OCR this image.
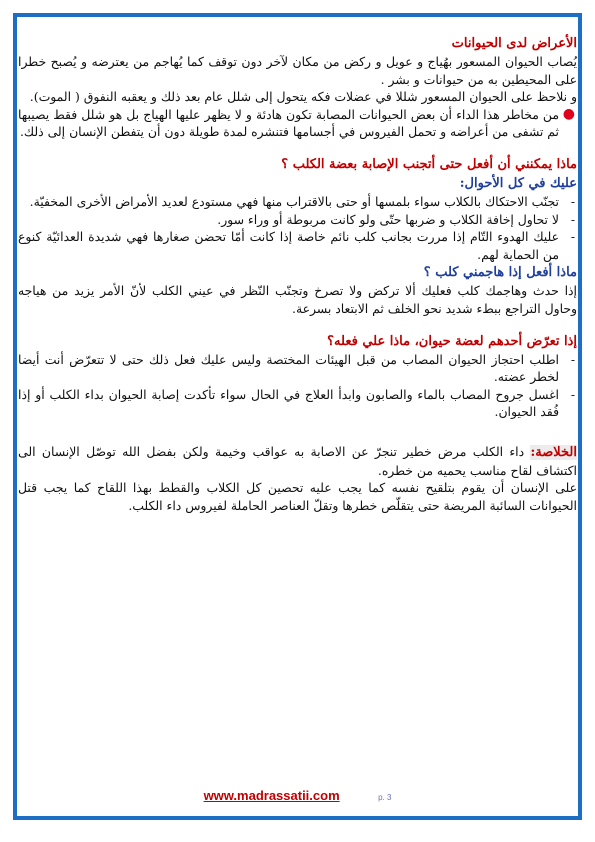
الأعراض لدى الحيوانات

يُصاب الحيوان المسعور بهُياج و عويل و ركض من مكان لآخر دون توقف كما يُهاجم من يعترضه و يُصبح خطرا على المحيطين به من حيوانات و بشر .

و نلاحظ على الحيوان المسعور شللا في عضلات فكه يتحول إلى شلل عام بعد ذلك و يعقبه النفوق ( الموت).

●
من مخاطر هذا الداء أن بعض الحيوانات المصابة تكون هادئة و لا يظهر عليها الهياج بل هو شلل فقط يصيبها ثم تشفى من أعراضه و تحمل الفيروس في أجسامها فتنشره لمدة طويلة دون أن يتفطن الإنسان إلى ذلك.
ماذا يمكنني أن أفعل حتى أتجنب الإصابة بعضة الكلب ؟
عليك في كل الأحوال:
-
تجنّب الاحتكاك بالكلاب سواء بلمسها أو حتى بالاقتراب منها فهي مستودع لعديد الأمراض الأخرى المخفيّة.
-
لا تحاول إخافة الكلاب و ضربها حتّى ولو كانت مربوطة أو وراء سور.
-
عليك الهدوء التّام إذا مررت بجانب كلب نائم خاصة إذا كانت أمّا تحضن صغارها فهي شديدة العدائيّة كنوع من الحماية لهم.
ماذا أفعل إذا هاجمني كلب ؟

إذا حدث وهاجمك كلب فعليك ألا تركض ولا تصرخ وتجنّب النّظر في عيني الكلب لأنّ الأمر يزيد من هياجه وحاول التراجع ببطء شديد نحو الخلف ثم الابتعاد بسرعة.

إذا تعرّض أحدهم لعضة حيوان، ماذا علي فعله؟
-
اطلب احتجاز الحيوان المصاب من قبل الهيئات المختصة وليس عليك فعل ذلك حتى لا تتعرّض أنت أيضا لخطر عضته.
-
اغسل جروح المصاب بالماء والصابون وابدأ العلاج في الحال سواء تأكدت إصابة الحيوان بداء الكلب أو إذا فُقد الحيوان.

الخلاصة: داء الكلب مرض خطير تنجرّ عن الاصابة به عواقب وخيمة ولكن بفضل الله توصّل الإنسان الى اكتشاف لقاح مناسب يحميه من خطره.

على الإنسان أن يقوم بتلقيح نفسه كما يجب عليه تحصين كل الكلاب والقطط بهذا اللقاح كما يجب قتل الحيوانات السائبة المريضة حتى يتقلّص خطرها وتقلّ العناصر الحاملة لفيروس داء الكلب.

www.madrassatii.com	p. 3
